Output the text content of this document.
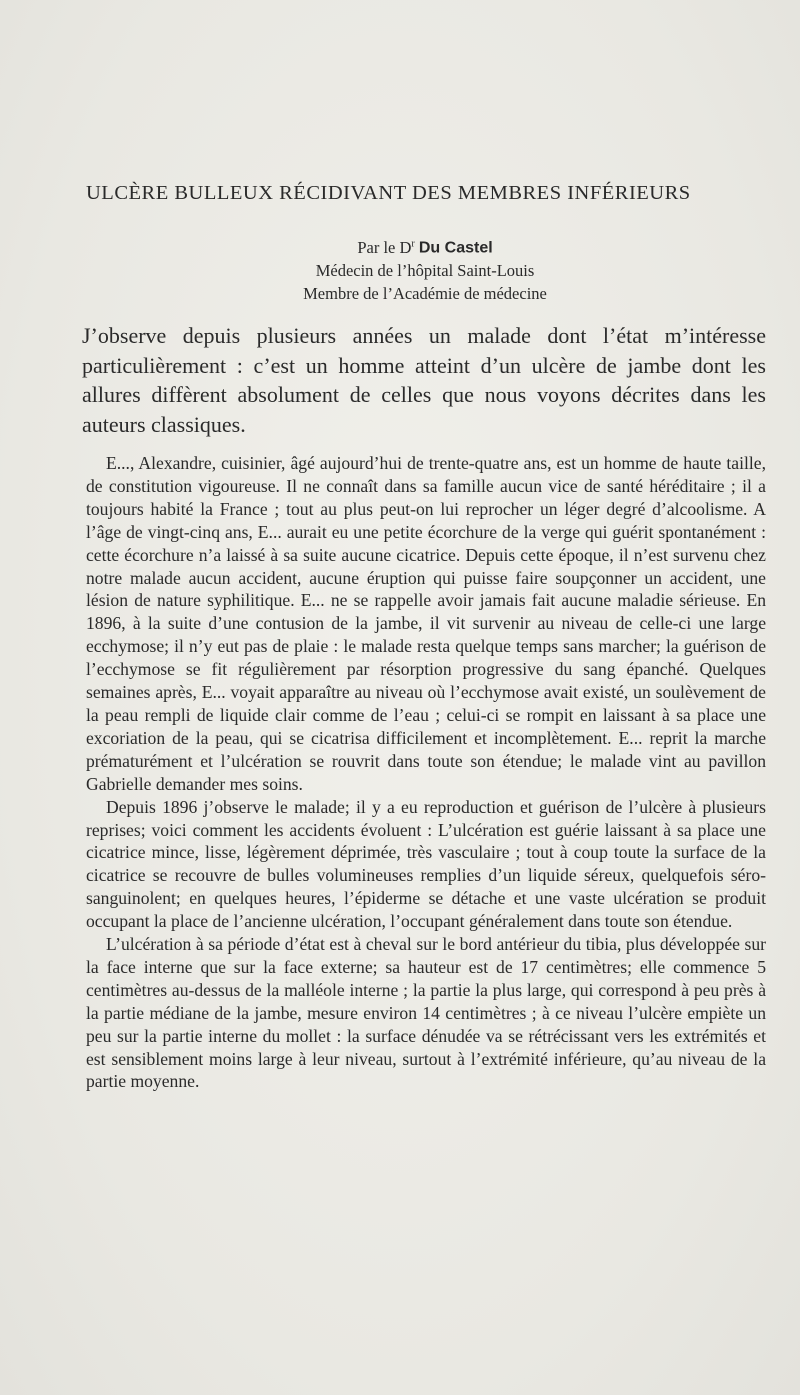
ULCÈRE BULLEUX RÉCIDIVANT DES MEMBRES INFÉRIEURS
Par le $D^r$ Du Castel
Médecin de l’hôpital Saint-Louis
Membre de l’Académie de médecine

J’observe depuis plusieurs années un malade dont l’état m’intéresse particulièrement : c’est un homme atteint d’un ulcère de jambe dont les allures diffèrent absolument de celles que nous voyons décrites dans les auteurs classiques.

E..., Alexandre, cuisinier, âgé aujourd’hui de trente-quatre ans, est un homme de haute taille, de constitution vigoureuse. Il ne connaît dans sa famille aucun vice de santé héréditaire ; il a toujours habité la France ; tout au plus peut-on lui reprocher un léger degré d’alcoolisme. A l’âge de vingt-cinq ans, E... aurait eu une petite écorchure de la verge qui guérit spontanément : cette écorchure n’a laissé à sa suite aucune cicatrice. Depuis cette époque, il n’est survenu chez notre malade aucun accident, aucune éruption qui puisse faire soupçonner un accident, une lésion de nature syphilitique. E... ne se rappelle avoir jamais fait aucune maladie sérieuse. En 1896, à la suite d’une contusion de la jambe, il vit survenir au niveau de celle-ci une large ecchymose; il n’y eut pas de plaie : le malade resta quelque temps sans marcher; la guérison de l’ecchymose se fit régulièrement par résorption progressive du sang épanché. Quelques semaines après, E... voyait apparaître au niveau où l’ecchymose avait existé, un soulèvement de la peau rempli de liquide clair comme de l’eau ; celui-ci se rompit en laissant à sa place une excoriation de la peau, qui se cicatrisa difficilement et incomplètement. E... reprit la marche prématurément et l’ulcération se rouvrit dans toute son étendue; le malade vint au pavillon Gabrielle demander mes soins.

Depuis 1896 j’observe le malade; il y a eu reproduction et guérison de l’ulcère à plusieurs reprises; voici comment les accidents évoluent : L’ulcération est guérie laissant à sa place une cicatrice mince, lisse, légèrement déprimée, très vasculaire ; tout à coup toute la surface de la cicatrice se recouvre de bulles volumineuses remplies d’un liquide séreux, quelquefois séro-sanguinolent; en quelques heures, l’épiderme se détache et une vaste ulcération se produit occupant la place de l’ancienne ulcération, l’occupant généralement dans toute son étendue.

L’ulcération à sa période d’état est à cheval sur le bord antérieur du tibia, plus développée sur la face interne que sur la face externe; sa hauteur est de 17 centimètres; elle commence 5 centimètres au-dessus de la malléole interne ; la partie la plus large, qui correspond à peu près à la partie médiane de la jambe, mesure environ 14 centimètres ; à ce niveau l’ulcère empiète un peu sur la partie interne du mollet : la surface dénudée va se rétrécissant vers les extrémités et est sensiblement moins large à leur niveau, surtout à l’extrémité inférieure, qu’au niveau de la partie moyenne.
